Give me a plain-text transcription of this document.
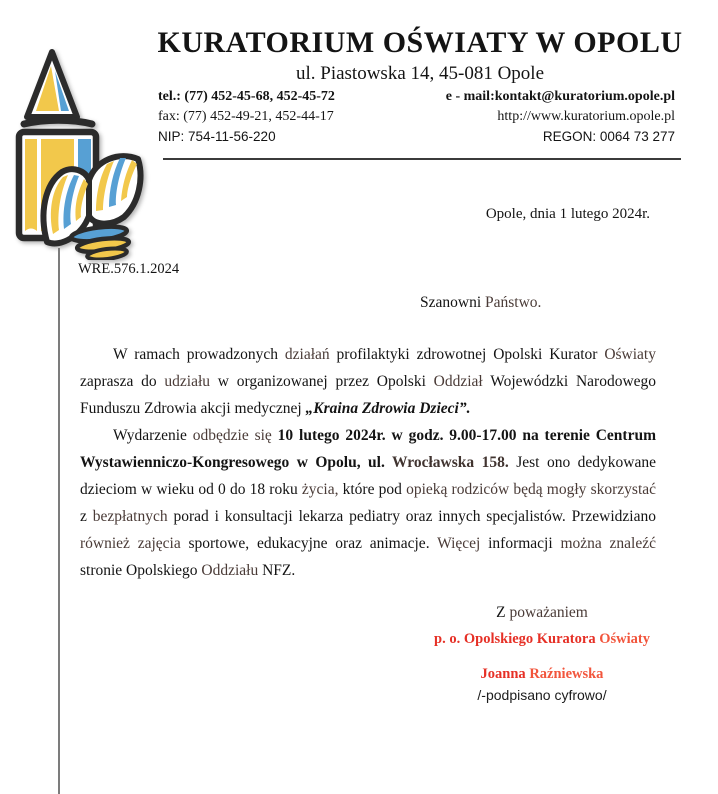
KURATORIUM OŚWIATY W OPOLU
ul. Piastowska 14, 45-081 Opole
tel.: (77) 452-45-68, 452-45-72
fax: (77) 452-49-21, 452-44-17
NIP: 754-11-56-220
e - mail:kontakt@kuratorium.opole.pl
http://www.kuratorium.opole.pl
REGON: 0064 73 277
Opole, dnia 1 lutego 2024r.
WRE.576.1.2024
Szanowni Państwo.

W ramach prowadzonych działań profilaktyki zdrowotnej Opolski Kurator Oświaty zaprasza do udziału w organizowanej przez Opolski Oddział Wojewódzki Narodowego Funduszu Zdrowia akcji medycznej „Kraina Zdrowia Dzieci”.

Wydarzenie odbędzie się 10 lutego 2024r. w godz. 9.00-17.00 na terenie Centrum Wystawienniczo-Kongresowego w Opolu, ul. Wrocławska 158. Jest ono dedykowane dzieciom w wieku od 0 do 18 roku życia, które pod opieką rodziców będą mogły skorzystać z bezpłatnych porad i konsultacji lekarza pediatry oraz innych specjalistów. Przewidziano również zajęcia sportowe, edukacyjne oraz animacje. Więcej informacji można znaleźć stronie Opolskiego Oddziału NFZ.

Z poważaniem
p. o. Opolskiego Kuratora Oświaty
Joanna Raźniewska
/-podpisano cyfrowo/
